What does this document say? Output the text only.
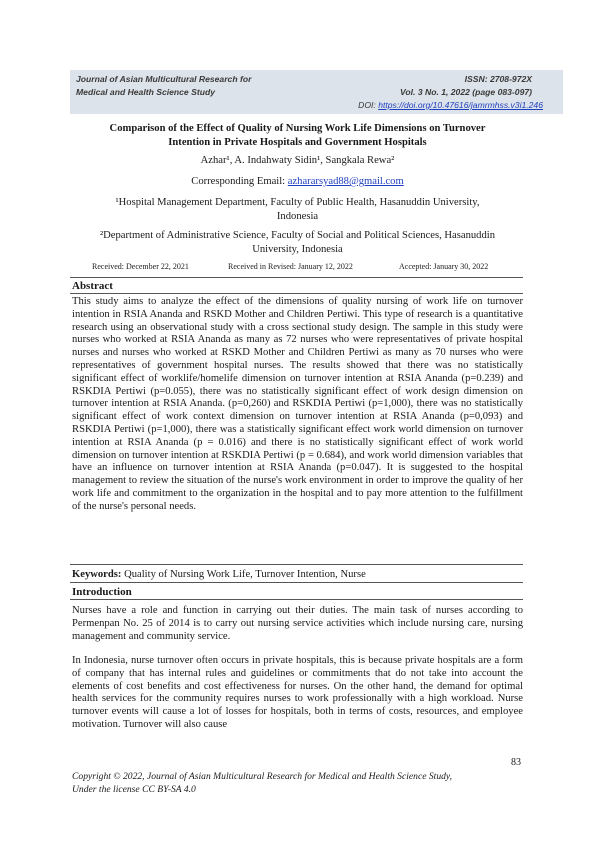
Journal of Asian Multicultural Research for
Medical and Health Science Study
ISSN: 2708-972X
Vol. 3 No. 1, 2022 (page 083-097)
DOI: https://doi.org/10.47616/jamrmhss.v3i1.246
Comparison of the Effect of Quality of Nursing Work Life Dimensions on Turnover
Intention in Private Hospitals and Government Hospitals
Azhar¹, A. Indahwaty Sidin¹, Sangkala Rewa²
Corresponding Email: azhararsyad88@gmail.com
¹Hospital Management Department, Faculty of Public Health, Hasanuddin University,
Indonesia
²Department of Administrative Science, Faculty of Social and Political Sciences, Hasanuddin
University, Indonesia
Received: December 22, 2021	Received in Revised: January 12, 2022	Accepted: January 30, 2022
Abstract

This study aims to analyze the effect of the dimensions of quality nursing of work life on turnover intention in RSIA Ananda and RSKD Mother and Children Pertiwi. This type of research is a quantitative research using an observational study with a cross sectional study design. The sample in this study were nurses who worked at RSIA Ananda as many as 72 nurses who were representatives of private hospital nurses and nurses who worked at RSKD Mother and Children Pertiwi as many as 70 nurses who were representatives of government hospital nurses. The results showed that there was no statistically significant effect of worklife/homelife dimension on turnover intention at RSIA Ananda (p=0.239) and RSKDIA Pertiwi (p=0.055), there was no statistically significant effect of work design dimension on turnover intention at RSIA Ananda. (p=0,260) and RSKDIA Pertiwi (p=1,000), there was no statistically significant effect of work context dimension on turnover intention at RSIA Ananda (p=0,093) and RSKDIA Pertiwi (p=1,000), there was a statistically significant effect work world dimension on turnover intention at RSIA Ananda (p = 0.016) and there is no statistically significant effect of work world dimension on turnover intention at RSKDIA Pertiwi (p = 0.684), and work world dimension variables that have an influence on turnover intention at RSIA Ananda (p=0.047). It is suggested to the hospital management to review the situation of the nurse's work environment in order to improve the quality of her work life and commitment to the organization in the hospital and to pay more attention to the fulfillment of the nurse's personal needs.

Keywords: Quality of Nursing Work Life, Turnover Intention, Nurse
Introduction

Nurses have a role and function in carrying out their duties. The main task of nurses according to Permenpan No. 25 of 2014 is to carry out nursing service activities which include nursing care, nursing management and community service.

In Indonesia, nurse turnover often occurs in private hospitals, this is because private hospitals are a form of company that has internal rules and guidelines or commitments that do not take into account the elements of cost benefits and cost effectiveness for nurses. On the other hand, the demand for optimal health services for the community requires nurses to work professionally with a high workload. Nurse turnover events will cause a lot of losses for hospitals, both in terms of costs, resources, and employee motivation. Turnover will also cause

83
Copyright © 2022, Journal of Asian Multicultural Research for Medical and Health Science Study,
Under the license CC BY-SA 4.0
